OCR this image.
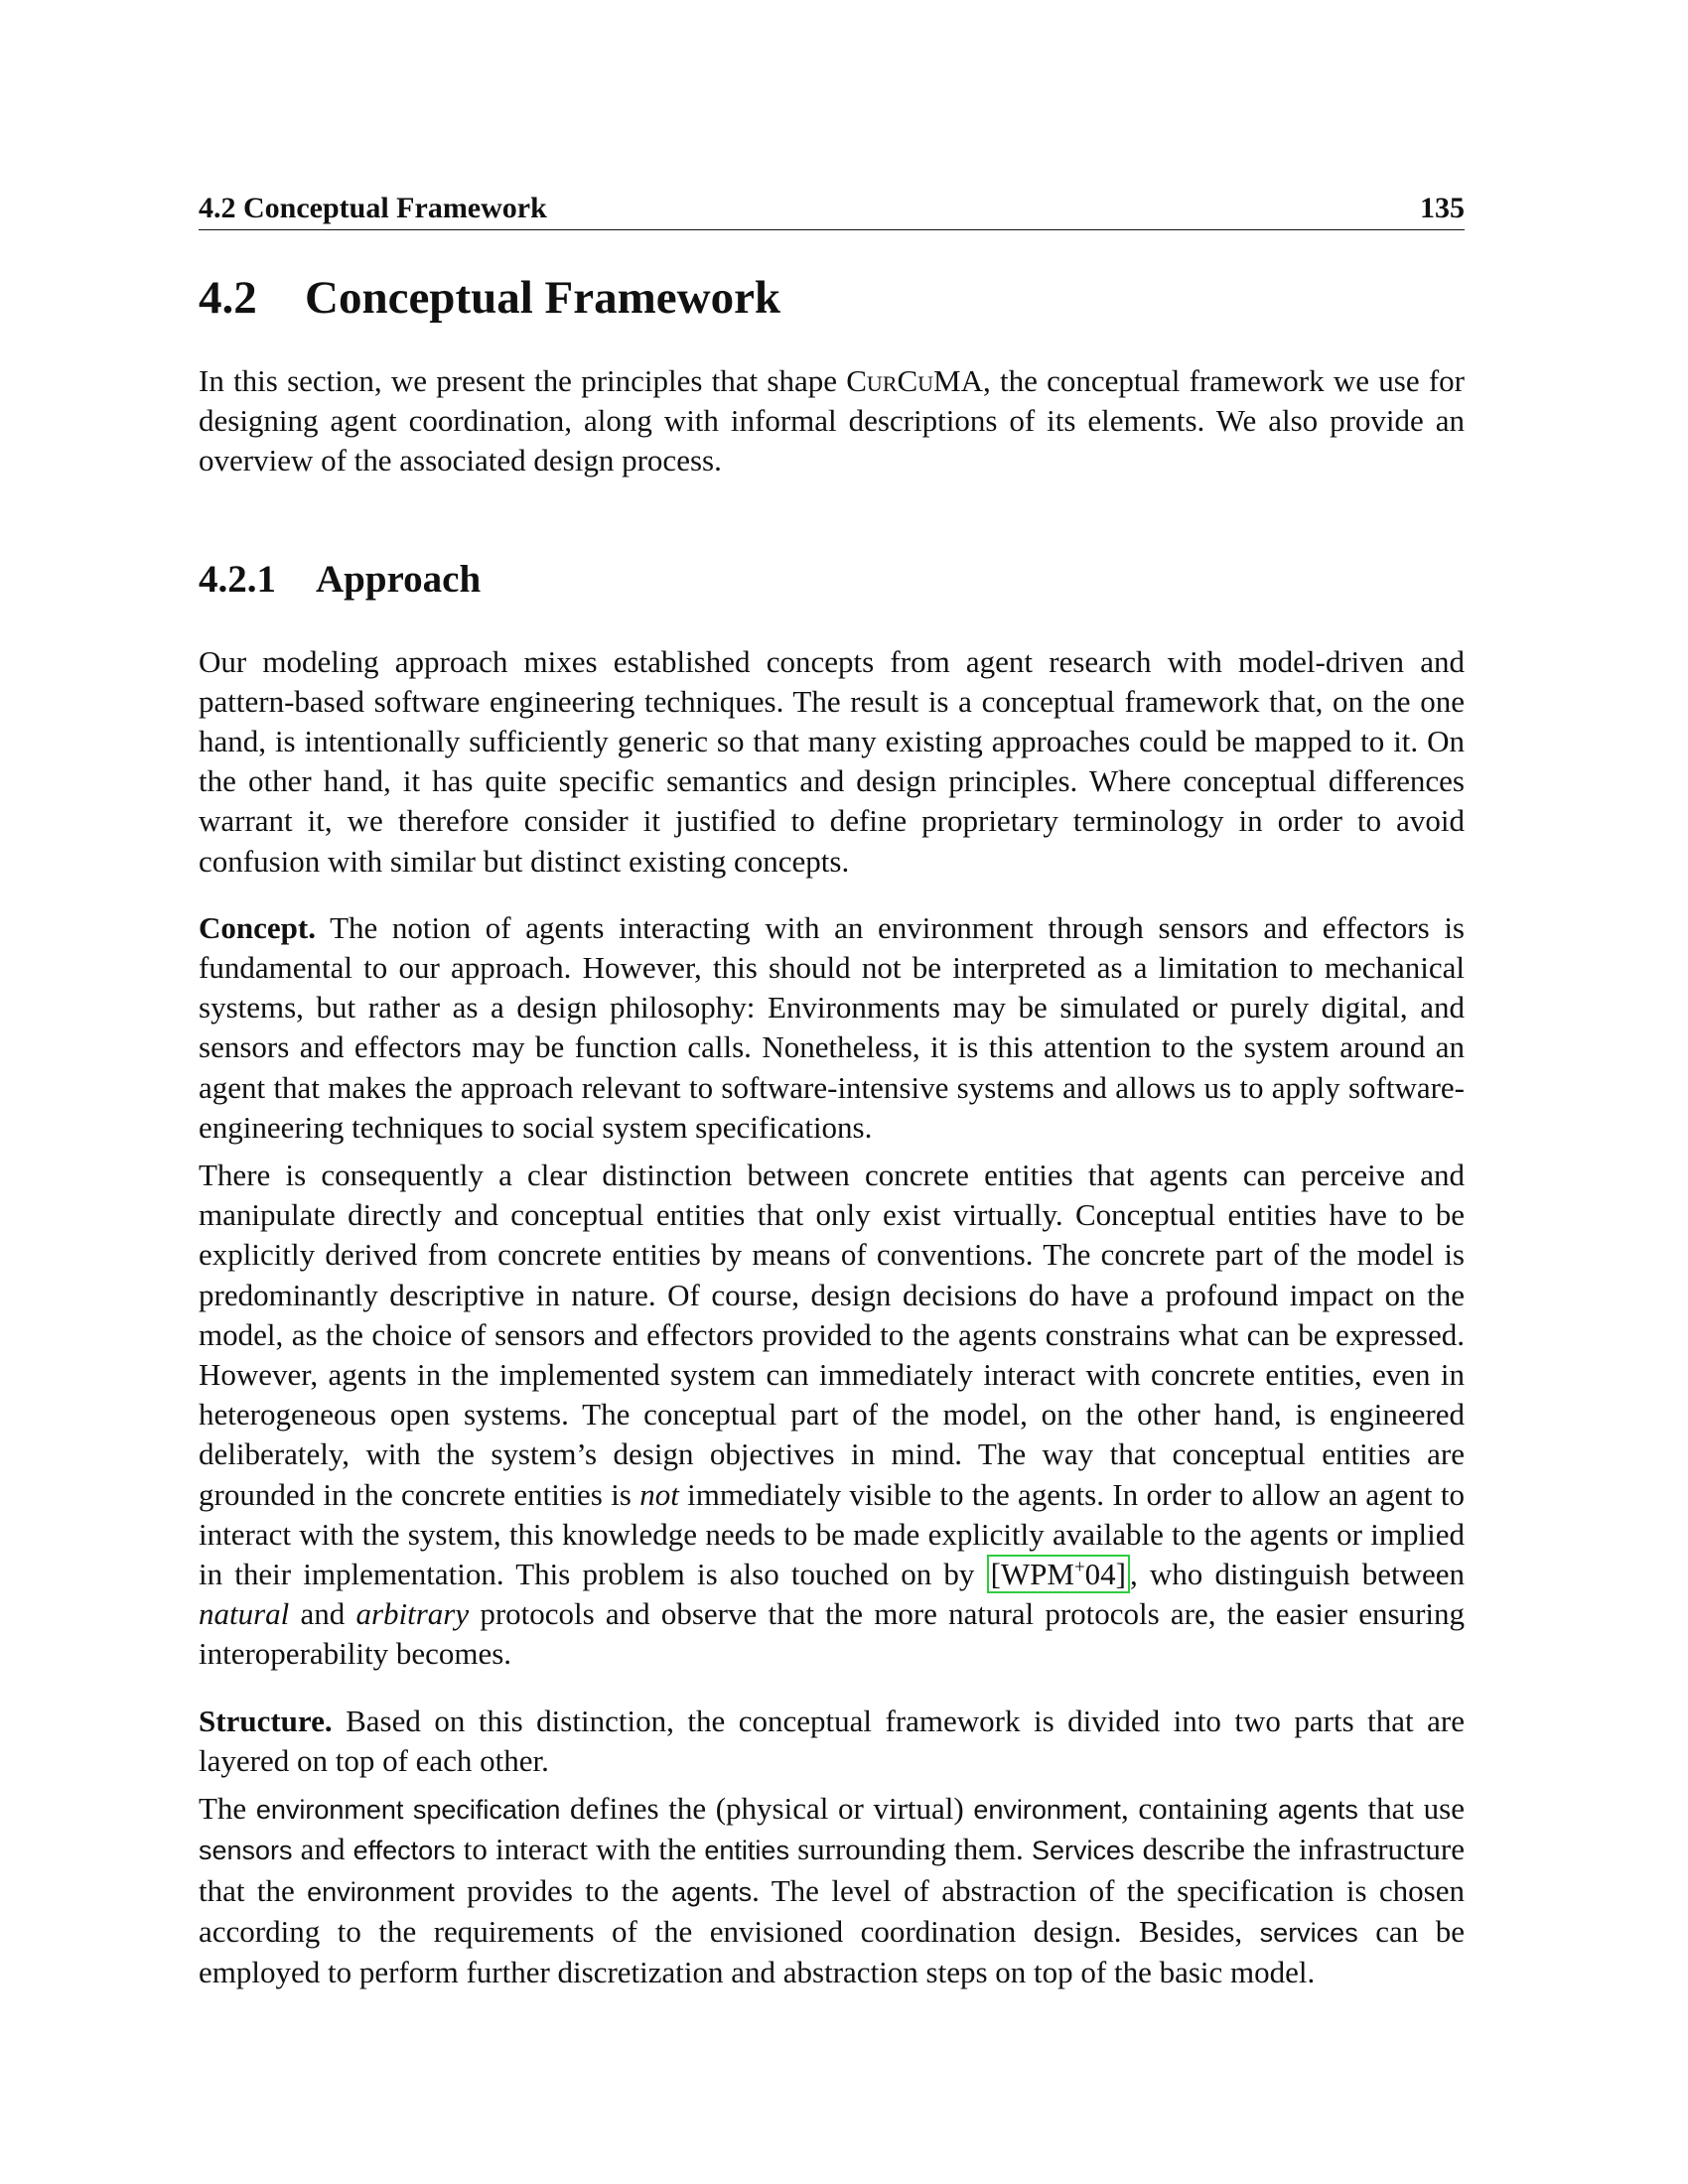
4.2 Conceptual Framework	135
4.2 Conceptual Framework

In this section, we present the principles that shape CurCuMA, the conceptual framework we use for designing agent coordination, along with informal descriptions of its elements. We also provide an overview of the associated design process.

4.2.1 Approach

Our modeling approach mixes established concepts from agent research with model-driven and pattern-based software engineering techniques. The result is a conceptual framework that, on the one hand, is intentionally sufficiently generic so that many existing approaches could be mapped to it. On the other hand, it has quite specific semantics and design principles. Where conceptual differences warrant it, we therefore consider it justified to define proprietary terminology in order to avoid confusion with similar but distinct existing concepts.

Concept. The notion of agents interacting with an environment through sensors and effectors is fundamental to our approach. However, this should not be interpreted as a limitation to mechanical systems, but rather as a design philosophy: Environments may be simulated or purely digital, and sensors and effectors may be function calls. Nonetheless, it is this attention to the system around an agent that makes the approach relevant to software-intensive systems and allows us to apply software-engineering techniques to social system specifications.

There is consequently a clear distinction between concrete entities that agents can perceive and manipulate directly and conceptual entities that only exist virtually. Conceptual entities have to be explicitly derived from concrete entities by means of conventions. The concrete part of the model is predominantly descriptive in nature. Of course, design decisions do have a profound impact on the model, as the choice of sensors and effectors provided to the agents constrains what can be expressed. However, agents in the implemented system can immediately interact with concrete entities, even in heterogeneous open systems. The conceptual part of the model, on the other hand, is engineered deliberately, with the system’s design objectives in mind. The way that conceptual entities are grounded in the concrete entities is not immediately visible to the agents. In order to allow an agent to interact with the system, this knowledge needs to be made explicitly available to the agents or implied in their implementation. This problem is also touched on by [WPM+04] , who distinguish between natural and arbitrary protocols and observe that the more natural protocols are, the easier ensuring interoperability becomes.

Structure. Based on this distinction, the conceptual framework is divided into two parts that are layered on top of each other.

The environment specification defines the (physical or virtual) environment, containing agents that use sensors and effectors to interact with the entities surrounding them. Services describe the infrastructure that the environment provides to the agents. The level of abstraction of the specification is chosen according to the requirements of the envisioned coordination design. Besides, services can be employed to perform further discretization and abstraction steps on top of the basic model.
